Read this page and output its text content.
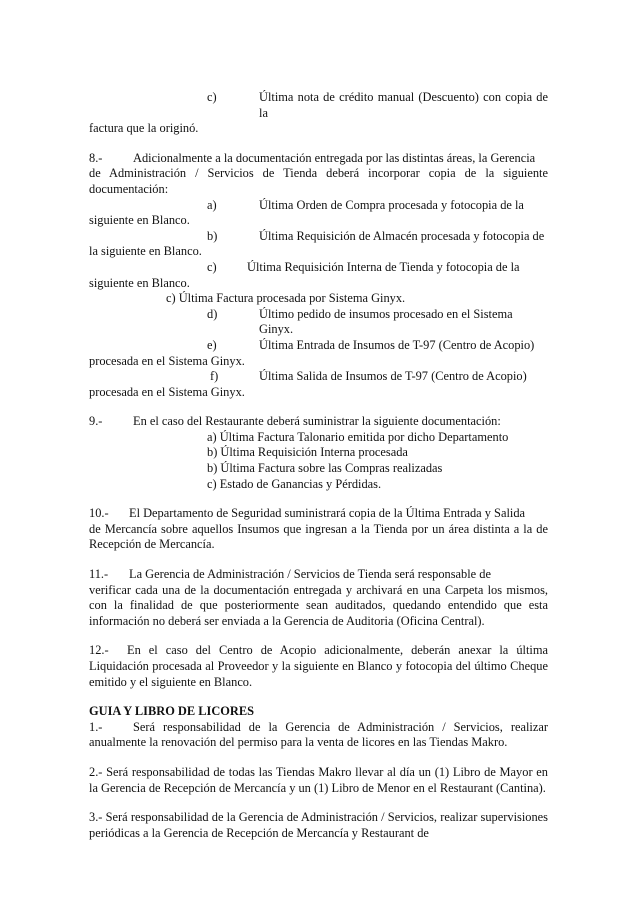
c)	Última nota de crédito manual (Descuento) con copia de la

factura que la originó.

8.- Adicionalmente a la documentación entregada por las distintas áreas, la Gerencia

de Administración / Servicios de Tienda deberá incorporar copia de la siguiente documentación:

a)	Última Orden de Compra procesada y fotocopia de la

siguiente en Blanco.

b)	Última Requisición de Almacén procesada y fotocopia de

la siguiente en Blanco.

c)	Última Requisición Interna de Tienda y fotocopia de la

siguiente en Blanco.

c) Última Factura procesada por Sistema Ginyx.

d)	Último pedido de insumos procesado en el Sistema Ginyx.
e)	Última Entrada de Insumos de T-97 (Centro de Acopio)

procesada en el Sistema Ginyx.

f)	Última Salida de Insumos de T-97 (Centro de Acopio)

procesada en el Sistema Ginyx.

9.- En el caso del Restaurante deberá suministrar la siguiente documentación:

a) Última Factura Talonario emitida por dicho Departamento

b) Última Requisición Interna procesada

b) Última Factura sobre las Compras realizadas

c) Estado de Ganancias y Pérdidas.

10.- El Departamento de Seguridad suministrará copia de la Última Entrada y Salida

de Mercancía sobre aquellos Insumos que ingresan a la Tienda por un área distinta a la de Recepción de Mercancía.

11.- La Gerencia de Administración / Servicios de Tienda será responsable de

verificar cada una de la documentación entregada y archivará en una Carpeta los mismos, con la finalidad de que posteriormente sean auditados, quedando entendido que esta información no deberá ser enviada a la Gerencia de Auditoria (Oficina Central).

12.- En el caso del Centro de Acopio adicionalmente, deberán anexar la última Liquidación procesada al Proveedor y la siguiente en Blanco y fotocopia del último Cheque emitido y el siguiente en Blanco.

GUIA Y LIBRO DE LICORES

1.- Será responsabilidad de la Gerencia de Administración / Servicios, realizar anualmente la renovación del permiso para la venta de licores en las Tiendas Makro.

2.- Será responsabilidad de todas las Tiendas Makro llevar al día un (1) Libro de Mayor en la Gerencia de Recepción de Mercancía y un (1) Libro de Menor en el Restaurant (Cantina).

3.- Será responsabilidad de la Gerencia de Administración / Servicios, realizar supervisiones periódicas a la Gerencia de Recepción de Mercancía y Restaurant de
